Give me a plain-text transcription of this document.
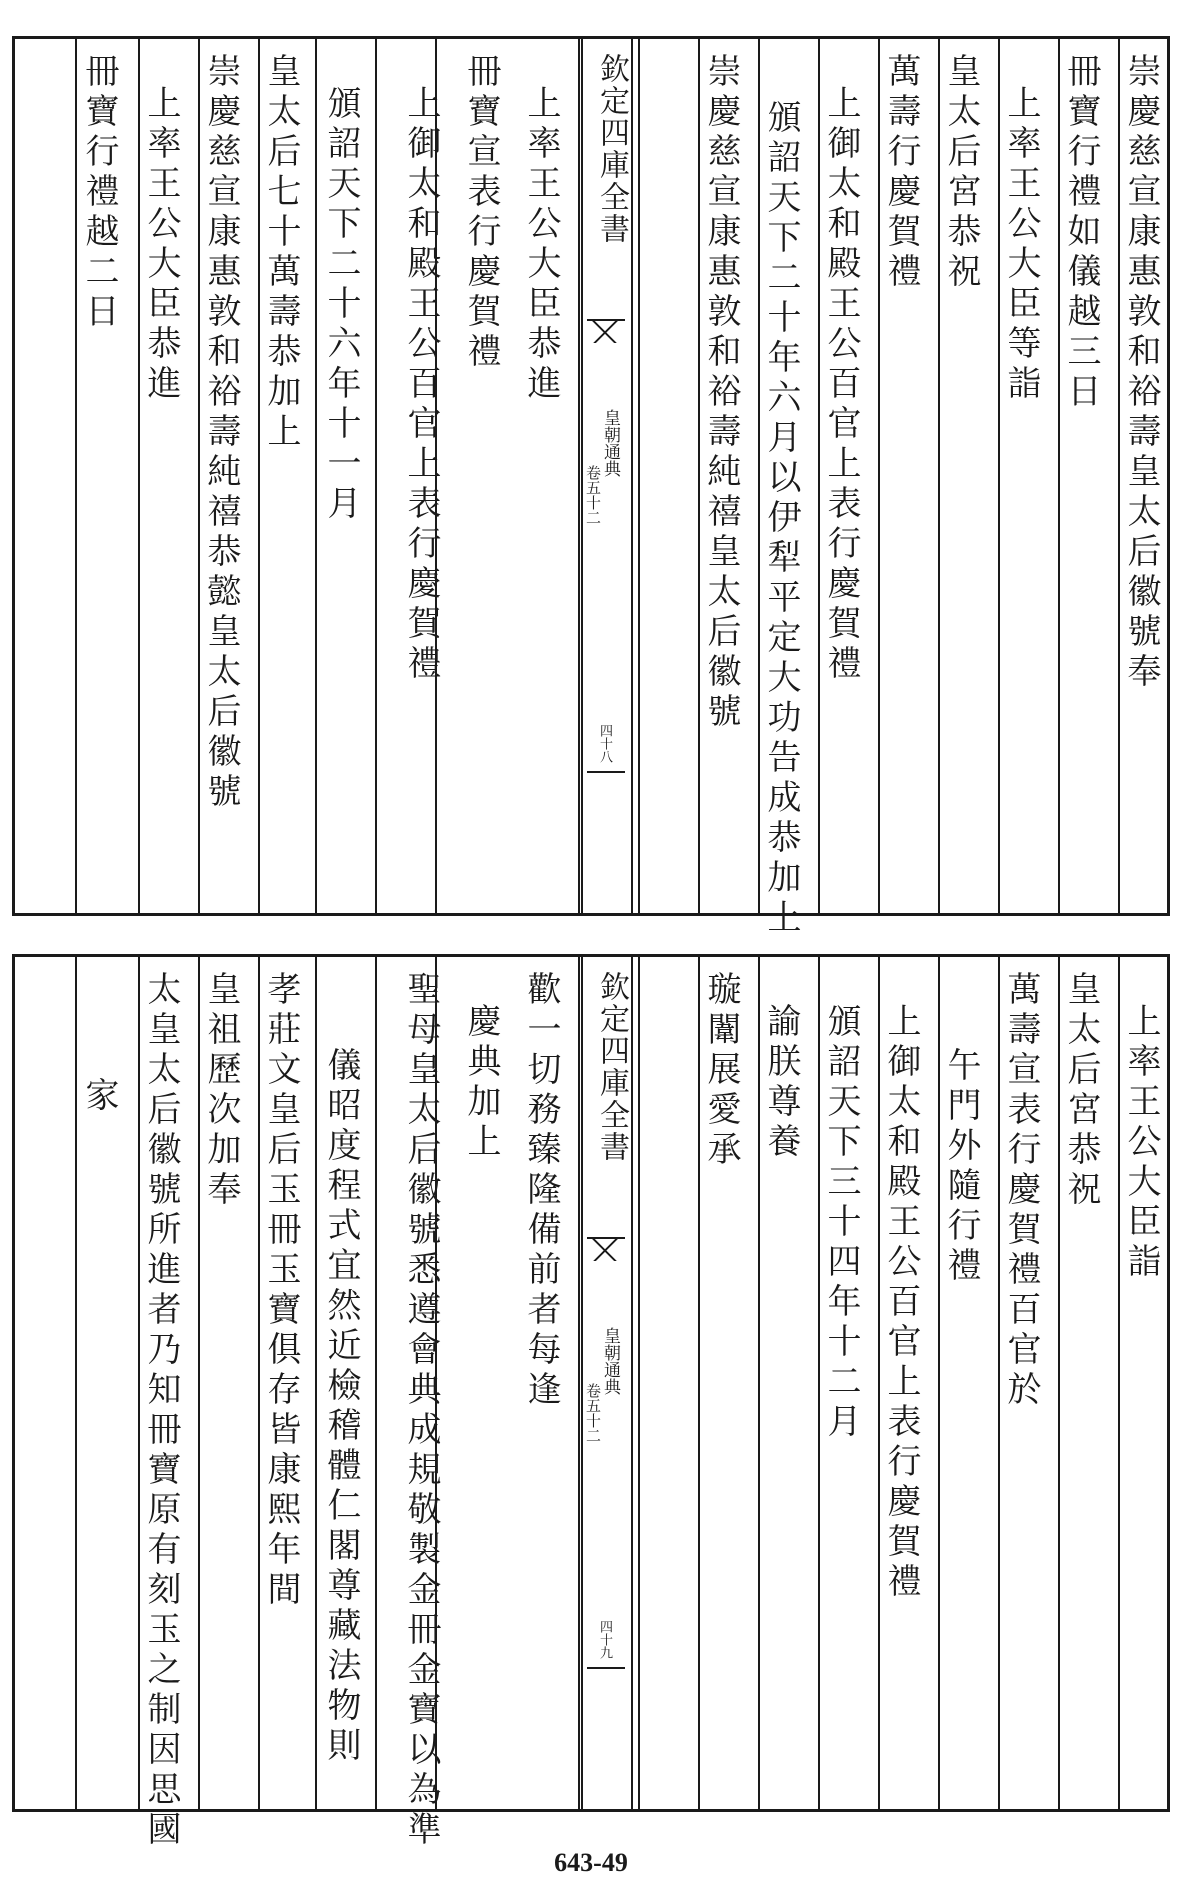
崇慶慈宣康惠敦和裕壽皇太后徽號奉
冊寶行禮如儀越三日
上率王公大臣等詣
皇太后宮恭祝
萬壽行慶賀禮
上御太和殿王公百官上表行慶賀禮
頒詔天下二十年六月以伊犁平定大功告成恭加上
崇慶慈宣康惠敦和裕壽純禧皇太后徽號
欽定四庫全書
皇朝通典
卷五十二
四十八
上率王公大臣恭進
冊寶宣表行慶賀禮
上御太和殿王公百官上表行慶賀禮
頒詔天下二十六年十一月
皇太后七十萬壽恭加上
崇慶慈宣康惠敦和裕壽純禧恭懿皇太后徽號
上率王公大臣恭進
冊寶行禮越二日
上率王公大臣詣
皇太后宮恭祝
萬壽宣表行慶賀禮百官於
午門外隨行禮
上御太和殿王公百官上表行慶賀禮
頒詔天下三十四年十二月
諭朕尊養
璇闈展愛承
欽定四庫全書
皇朝通典
卷五十二
四十九
歡一切務臻隆備前者每逢
慶典加上
聖母皇太后徽號悉遵會典成規敬製金冊金寶以為準
儀昭度程式宜然近檢稽體仁閣尊藏法物則
孝莊文皇后玉冊玉寶俱存皆康熙年間
皇祖歷次加奉
太皇太后徽號所進者乃知冊寶原有刻玉之制因思國
家
643-49
